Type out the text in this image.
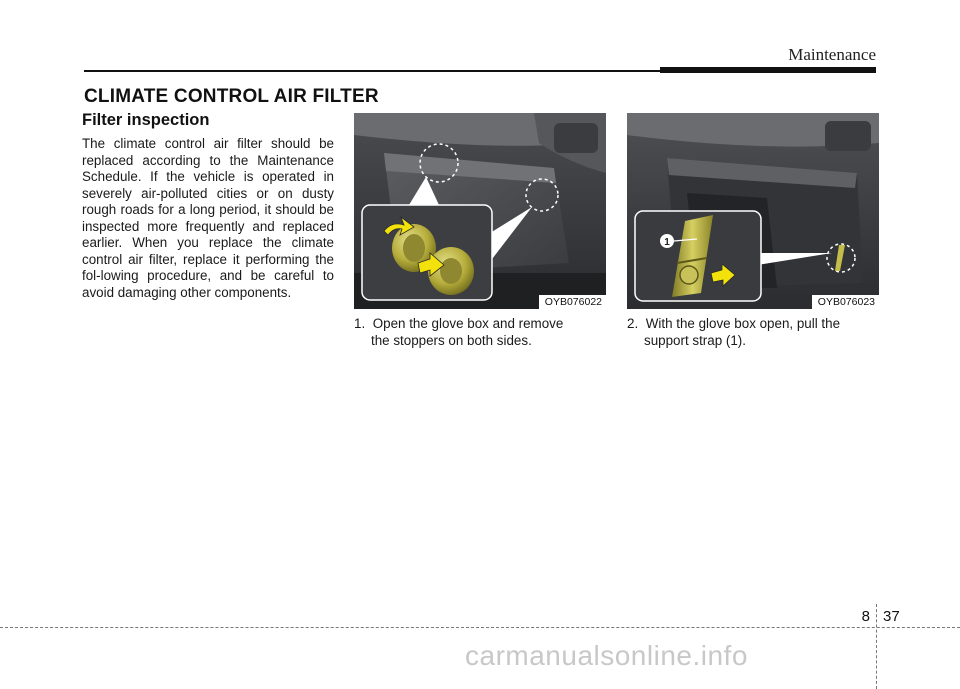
Maintenance
CLIMATE CONTROL AIR FILTER
Filter inspection
The climate control air filter should be replaced according to the Maintenance Schedule. If the vehicle is operated in severely air-polluted cities or on dusty rough roads for a long period, it should be inspected more frequently and replaced earlier. When you replace the climate control air filter, replace it performing the fol-lowing procedure, and be careful to avoid damaging other components.
OYB076022
1
OYB076023
1. Open the glove box and remove
the stoppers on both sides.
2. With the glove box open, pull the
support strap (1).
8 37
carmanualsonline.info
